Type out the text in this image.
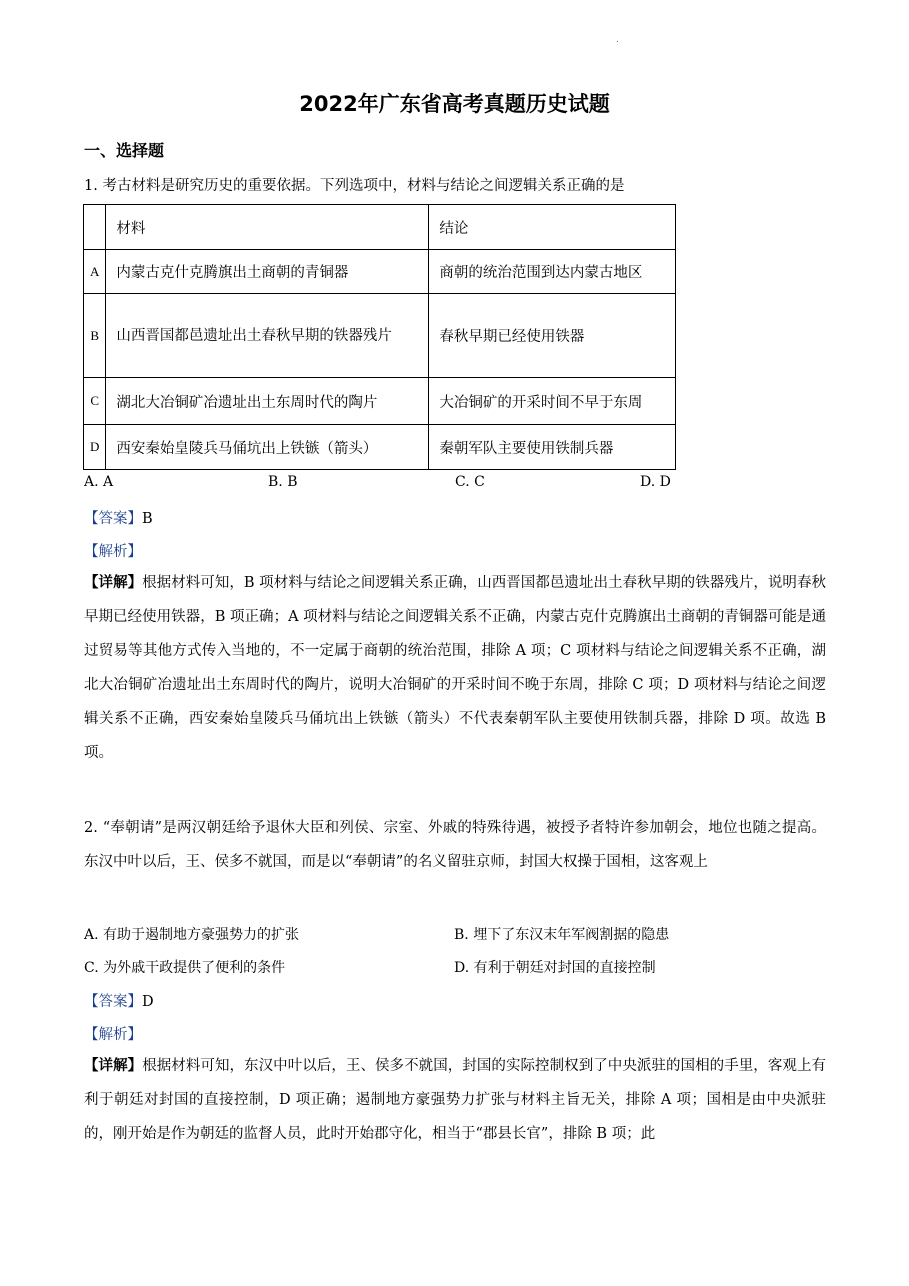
.
2022年广东省高考真题历史试题
一、选择题
1. 考古材料是研究历史的重要依据。下列选项中，材料与结论之间逻辑关系正确的是
	材料	结论
A	内蒙古克什克腾旗出土商朝的青铜器	商朝的统治范围到达内蒙古地区
B	山西晋国都邑遗址出土春秋早期的铁器残片	春秋早期已经使用铁器
C	湖北大冶铜矿冶遗址出土东周时代的陶片	大冶铜矿的开采时间不早于东周
D	西安秦始皇陵兵马俑坑出上铁镞（箭头）	秦朝军队主要使用铁制兵器
A. A	B. B	C. C	D. D
【答案】B
【解析】
【详解】根据材料可知，B 项材料与结论之间逻辑关系正确，山西晋国都邑遗址出土春秋早期的铁器残片，说明春秋早期已经使用铁器，B 项正确；A 项材料与结论之间逻辑关系不正确，内蒙古克什克腾旗出土商朝的青铜器可能是通过贸易等其他方式传入当地的，不一定属于商朝的统治范围，排除 A 项；C 项材料与结论之间逻辑关系不正确，湖北大冶铜矿冶遗址出土东周时代的陶片，说明大冶铜矿的开采时间不晚于东周，排除 C 项；D 项材料与结论之间逻辑关系不正确，西安秦始皇陵兵马俑坑出上铁镞（箭头）不代表秦朝军队主要使用铁制兵器，排除 D 项。故选 B 项。
2. “奉朝请”是两汉朝廷给予退休大臣和列侯、宗室、外戚的特殊待遇，被授予者特许参加朝会，地位也随之提高。东汉中叶以后，王、侯多不就国，而是以“奉朝请”的名义留驻京师，封国大权操于国相，这客观上
A. 有助于遏制地方豪强势力的扩张	B. 埋下了东汉末年军阀割据的隐患
C. 为外戚干政提供了便利的条件	D. 有利于朝廷对封国的直接控制
【答案】D
【解析】
【详解】根据材料可知，东汉中叶以后，王、侯多不就国，封国的实际控制权到了中央派驻的国相的手里，客观上有利于朝廷对封国的直接控制，D 项正确；遏制地方豪强势力扩张与材料主旨无关，排除 A 项；国相是由中央派驻的，刚开始是作为朝廷的监督人员，此时开始郡守化，相当于“郡县长官”，排除 B 项；此
